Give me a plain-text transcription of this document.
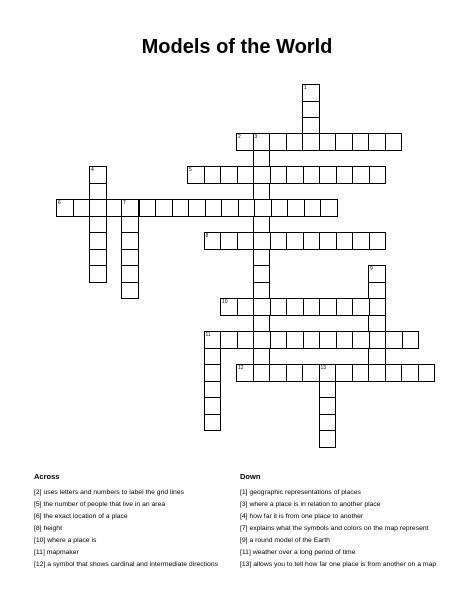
Models of the World
1
2	3
4	5
6	7
8
9
10
11
12	13
Across
[2] uses letters and numbers to label the grid lines
[5] the number of people that live in an area
[6] the exact location of a place
[8] height
[10] where a place is
[11] mapmaker
[12] a symbol that shows cardinal and intermediate directions
Down
[1] geographic representations of places
[3] where a place is in relation to another place
[4] how far it is from one place to another
[7] explains what the symbols and colors on the map represent
[9] a round model of the Earth
[11] weather over a long period of time
[13] allows you to tell how far one place is from another on a map
